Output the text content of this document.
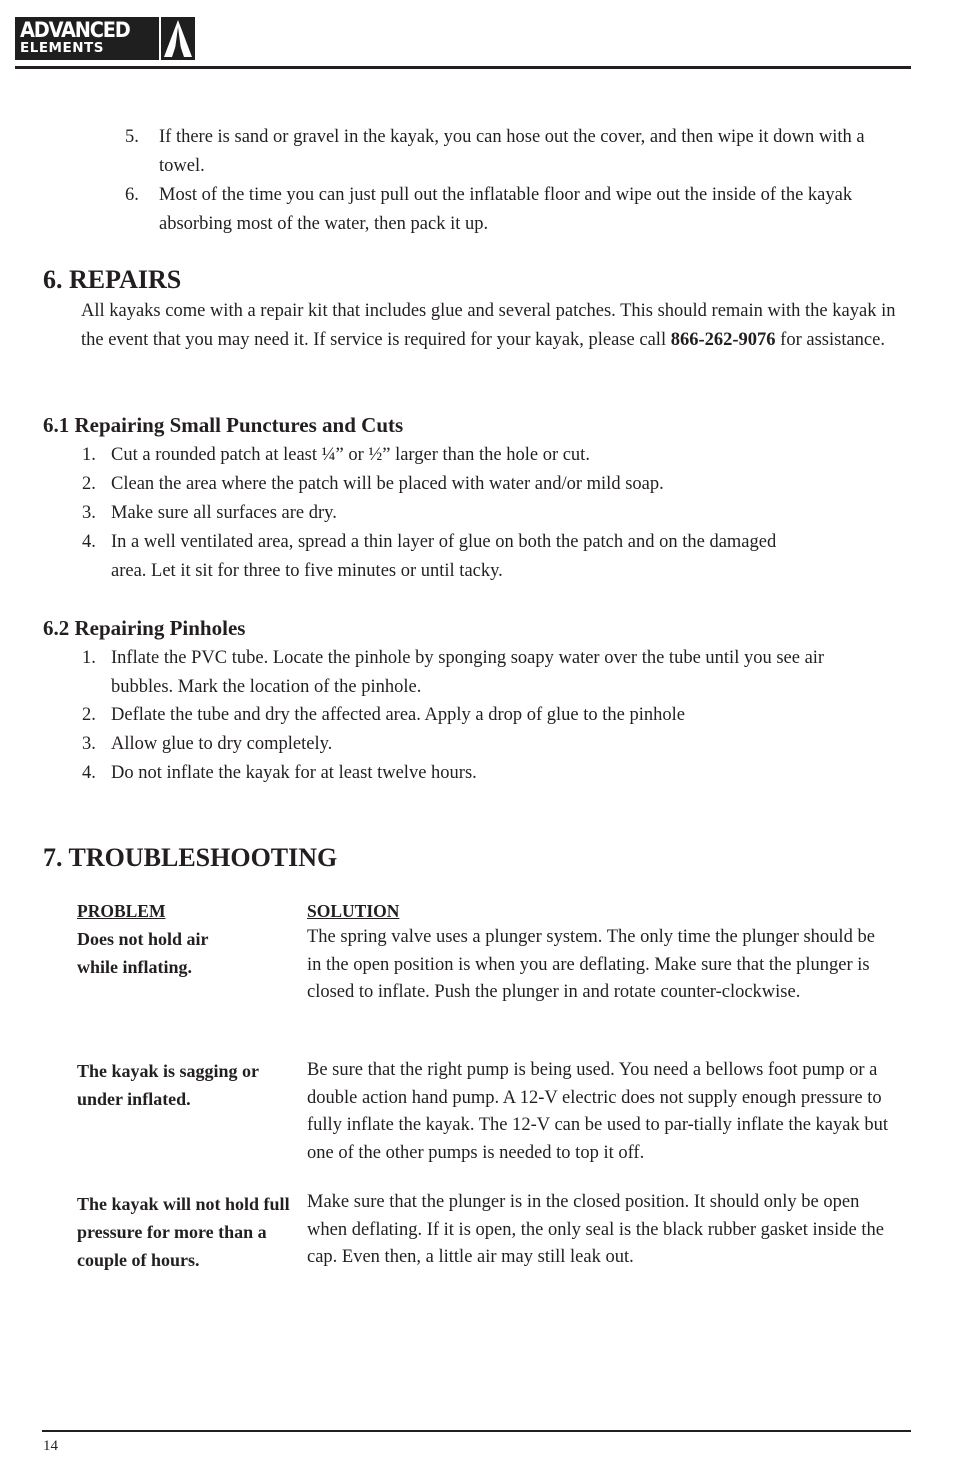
ADVANCED
ELEMENTS
5. If there is sand or gravel in the kayak, you can hose out the cover, and then wipe it down with a towel.
6. Most of the time you can just pull out the inflatable floor and wipe out the inside of the kayak absorbing most of the water, then pack it up.
6. REPAIRS
All kayaks come with a repair kit that includes glue and several patches. This should remain with the kayak in the event that you may need it. If service is required for your kayak, please call 866-262-9076 for assistance.
6.1 Repairing Small Punctures and Cuts
1. Cut a rounded patch at least ¼” or ½” larger than the hole or cut.
2. Clean the area where the patch will be placed with water and/or mild soap.
3. Make sure all surfaces are dry.
4. In a well ventilated area, spread a thin layer of glue on both the patch and on the damaged area. Let it sit for three to five minutes or until tacky.
6.2 Repairing Pinholes
1. Inflate the PVC tube. Locate the pinhole by sponging soapy water over the tube until you see air bubbles. Mark the location of the pinhole.
2. Deflate the tube and dry the affected area. Apply a drop of glue to the pinhole
3. Allow glue to dry completely.
4. Do not inflate the kayak for at least twelve hours.
7. TROUBLESHOOTING
PROBLEM	SOLUTION
Does not hold air while inflating.
The spring valve uses a plunger system. The only time the plunger should be in the open position is when you are deflating. Make sure that the plunger is closed to inflate. Push the plunger in and rotate counter-clockwise.
The kayak is sagging or under inflated.
Be sure that the right pump is being used. You need a bellows foot pump or a double action hand pump. A 12-V electric does not supply enough pressure to fully inflate the kayak. The 12-V can be used to par-tially inflate the kayak but one of the other pumps is needed to top it off.
The kayak will not hold full pressure for more than a couple of hours.
Make sure that the plunger is in the closed position. It should only be open when deflating. If it is open, the only seal is the black rubber gasket inside the cap. Even then, a little air may still leak out.
14
